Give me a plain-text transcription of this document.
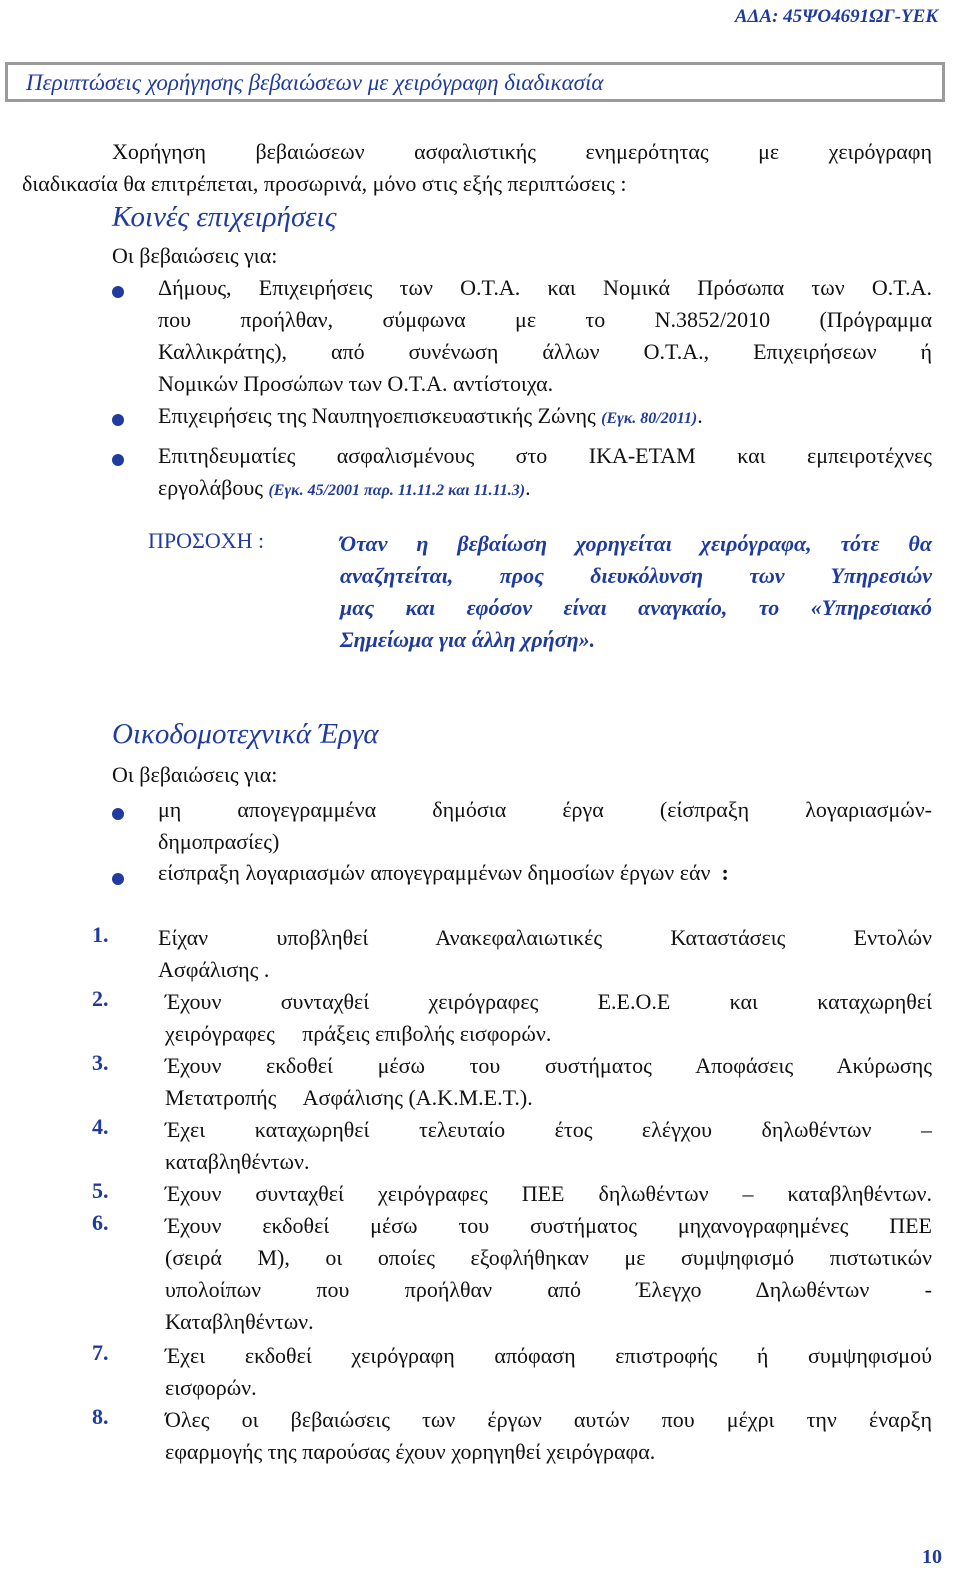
ΑΔΑ: 45ΨΟ4691ΩΓ-ΥΕΚ
Περιπτώσεις χορήγησης βεβαιώσεων με χειρόγραφη διαδικασία
Χορήγηση βεβαιώσεων ασφαλιστικής ενημερότητας με χειρόγραφη
διαδικασία θα επιτρέπεται, προσωρινά, μόνο στις εξής περιπτώσεις :
Κοινές επιχειρήσεις
Οι βεβαιώσεις για:
Δήμους, Επιχειρήσεις των Ο.Τ.Α. και Νομικά Πρόσωπα των Ο.Τ.Α.
που προήλθαν, σύμφωνα με το Ν.3852/2010 (Πρόγραμμα
Καλλικράτης), από συνένωση άλλων Ο.Τ.Α., Επιχειρήσεων ή
Νομικών Προσώπων των Ο.Τ.Α. αντίστοιχα.
Επιχειρήσεις της Ναυπηγοεπισκευαστικής Ζώνης (Εγκ. 80/2011).
Επιτηδευματίες ασφαλισμένους στο ΙΚΑ-ΕΤΑΜ και εμπειροτέχνες
εργολάβους (Εγκ. 45/2001 παρ. 11.11.2 και 11.11.3).
ΠΡΟΣΟΧΗ :	Όταν η βεβαίωση χορηγείται χειρόγραφα, τότε θα
αναζητείται, προς διευκόλυνση των Υπηρεσιών
μας και εφόσον είναι αναγκαίο, το «Υπηρεσιακό
Σημείωμα για άλλη χρήση».
Οικοδομοτεχνικά Έργα
Οι βεβαιώσεις για:
μη απογεγραμμένα δημόσια έργα (είσπραξη λογαριασμών-
δημοπρασίες)
είσπραξη λογαριασμών απογεγραμμένων δημοσίων έργων εάν :
1. Είχαν υποβληθεί Ανακεφαλαιωτικές Καταστάσεις Εντολών
Ασφάλισης .
2.	Έχουν συνταχθεί χειρόγραφες Ε.Ε.Ο.Ε και καταχωρηθεί
χειρόγραφες     πράξεις επιβολής εισφορών.
3.	Έχουν εκδοθεί μέσω του συστήματος Αποφάσεις Ακύρωσης
Μετατροπής     Ασφάλισης (Α.Κ.Μ.Ε.Τ.).
4.	Έχει καταχωρηθεί τελευταίο έτος ελέγχου δηλωθέντων –
καταβληθέντων.
5.	Έχουν συνταχθεί χειρόγραφες ΠΕΕ δηλωθέντων – καταβληθέντων.
6.	Έχουν εκδοθεί μέσω του συστήματος μηχανογραφημένες ΠΕΕ
(σειρά Μ), οι οποίες εξοφλήθηκαν με συμψηφισμό πιστωτικών
υπολοίπων που προήλθαν από Έλεγχο Δηλωθέντων -
Καταβληθέντων.
7.	Έχει εκδοθεί χειρόγραφη απόφαση επιστροφής ή συμψηφισμού
εισφορών.
8.	Όλες οι βεβαιώσεις των έργων αυτών που μέχρι την έναρξη
εφαρμογής της παρούσας έχουν χορηγηθεί χειρόγραφα.
10
